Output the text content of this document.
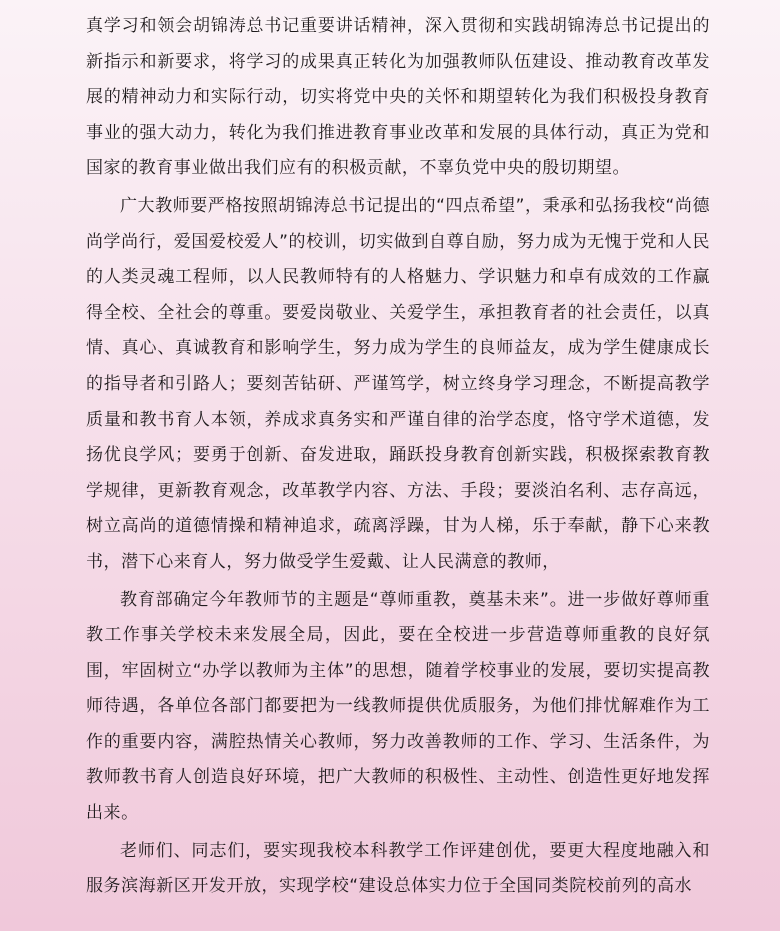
真学习和领会胡锦涛总书记重要讲话精神，深入贯彻和实践胡锦涛总书记提出的新指示和新要求，将学习的成果真正转化为加强教师队伍建设、推动教育改革发展的精神动力和实际行动，切实将党中央的关怀和期望转化为我们积极投身教育事业的强大动力，转化为我们推进教育事业改革和发展的具体行动，真正为党和国家的教育事业做出我们应有的积极贡献，不辜负党中央的殷切期望。

广大教师要严格按照胡锦涛总书记提出的“四点希望”，秉承和弘扬我校“尚德尚学尚行，爱国爱校爱人”的校训，切实做到自尊自励，努力成为无愧于党和人民的人类灵魂工程师，以人民教师特有的人格魅力、学识魅力和卓有成效的工作赢得全校、全社会的尊重。要爱岗敬业、关爱学生，承担教育者的社会责任，以真情、真心、真诚教育和影响学生，努力成为学生的良师益友，成为学生健康成长的指导者和引路人；要刻苦钻研、严谨笃学，树立终身学习理念，不断提高教学质量和教书育人本领，养成求真务实和严谨自律的治学态度，恪守学术道德，发扬优良学风；要勇于创新、奋发进取，踊跃投身教育创新实践，积极探索教育教学规律，更新教育观念，改革教学内容、方法、手段；要淡泊名利、志存高远，树立高尚的道德情操和精神追求，疏离浮躁，甘为人梯，乐于奉献，静下心来教书，潜下心来育人，努力做受学生爱戴、让人民满意的教师，

教育部确定今年教师节的主题是“尊师重教，奠基未来”。进一步做好尊师重教工作事关学校未来发展全局，因此，要在全校进一步营造尊师重教的良好氛围，牢固树立“办学以教师为主体”的思想，随着学校事业的发展，要切实提高教师待遇，各单位各部门都要把为一线教师提供优质服务，为他们排忧解难作为工作的重要内容，满腔热情关心教师，努力改善教师的工作、学习、生活条件，为教师教书育人创造良好环境，把广大教师的积极性、主动性、创造性更好地发挥出来。

老师们、同志们，要实现我校本科教学工作评建创优，要更大程度地融入和服务滨海新区开发开放，实现学校“建设总体实力位于全国同类院校前列的高水
